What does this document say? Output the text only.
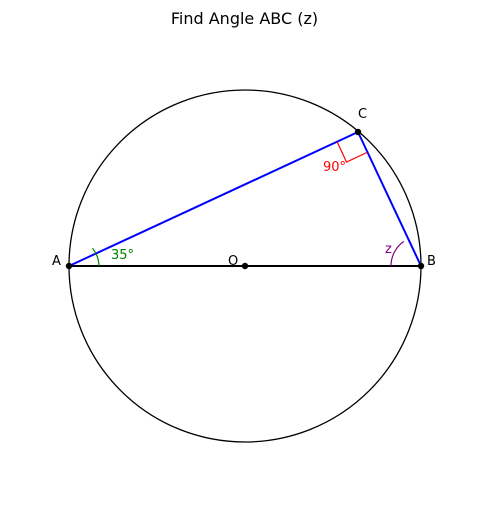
Find Angle ABC (z)
A	B
C
O
35°
90°
z
